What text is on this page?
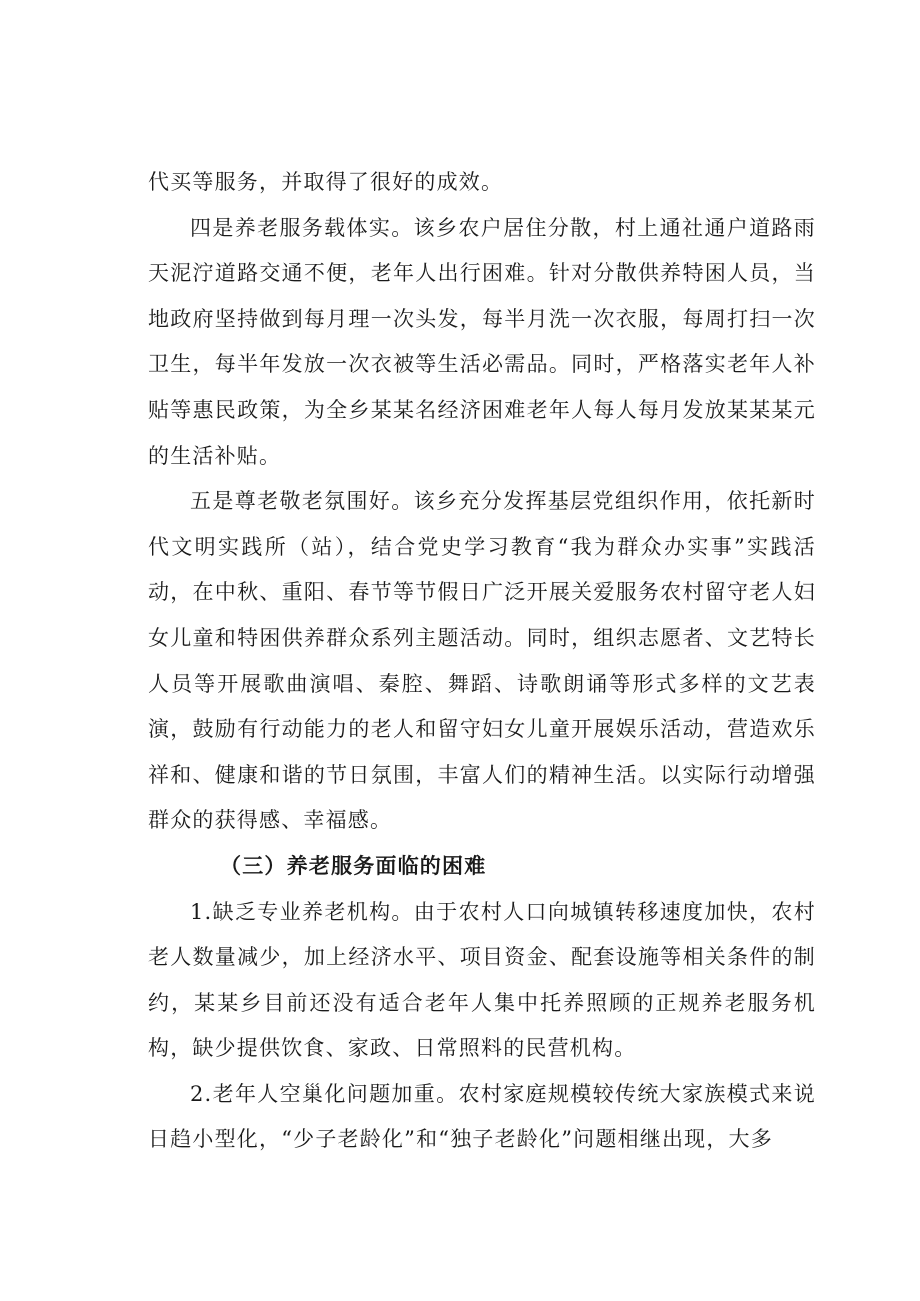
代买等服务，并取得了很好的成效。

四是养老服务载体实。该乡农户居住分散，村上通社通户道路雨天泥泞道路交通不便，老年人出行困难。针对分散供养特困人员，当地政府坚持做到每月理一次头发，每半月洗一次衣服，每周打扫一次卫生，每半年发放一次衣被等生活必需品。同时，严格落实老年人补贴等惠民政策，为全乡某某名经济困难老年人每人每月发放某某某元的生活补贴。

五是尊老敬老氛围好。该乡充分发挥基层党组织作用，依托新时代文明实践所（站），结合党史学习教育“我为群众办实事”实践活动，在中秋、重阳、春节等节假日广泛开展关爱服务农村留守老人妇女儿童和特困供养群众系列主题活动。同时，组织志愿者、文艺特长人员等开展歌曲演唱、秦腔、舞蹈、诗歌朗诵等形式多样的文艺表演，鼓励有行动能力的老人和留守妇女儿童开展娱乐活动，营造欢乐祥和、健康和谐的节日氛围，丰富人们的精神生活。以实际行动增强群众的获得感、幸福感。

（三）养老服务面临的困难

1.缺乏专业养老机构。由于农村人口向城镇转移速度加快，农村老人数量减少，加上经济水平、项目资金、配套设施等相关条件的制约，某某乡目前还没有适合老年人集中托养照顾的正规养老服务机构，缺少提供饮食、家政、日常照料的民营机构。

2.老年人空巢化问题加重。农村家庭规模较传统大家族模式来说日趋小型化，“少子老龄化”和“独子老龄化”问题相继出现，大多
